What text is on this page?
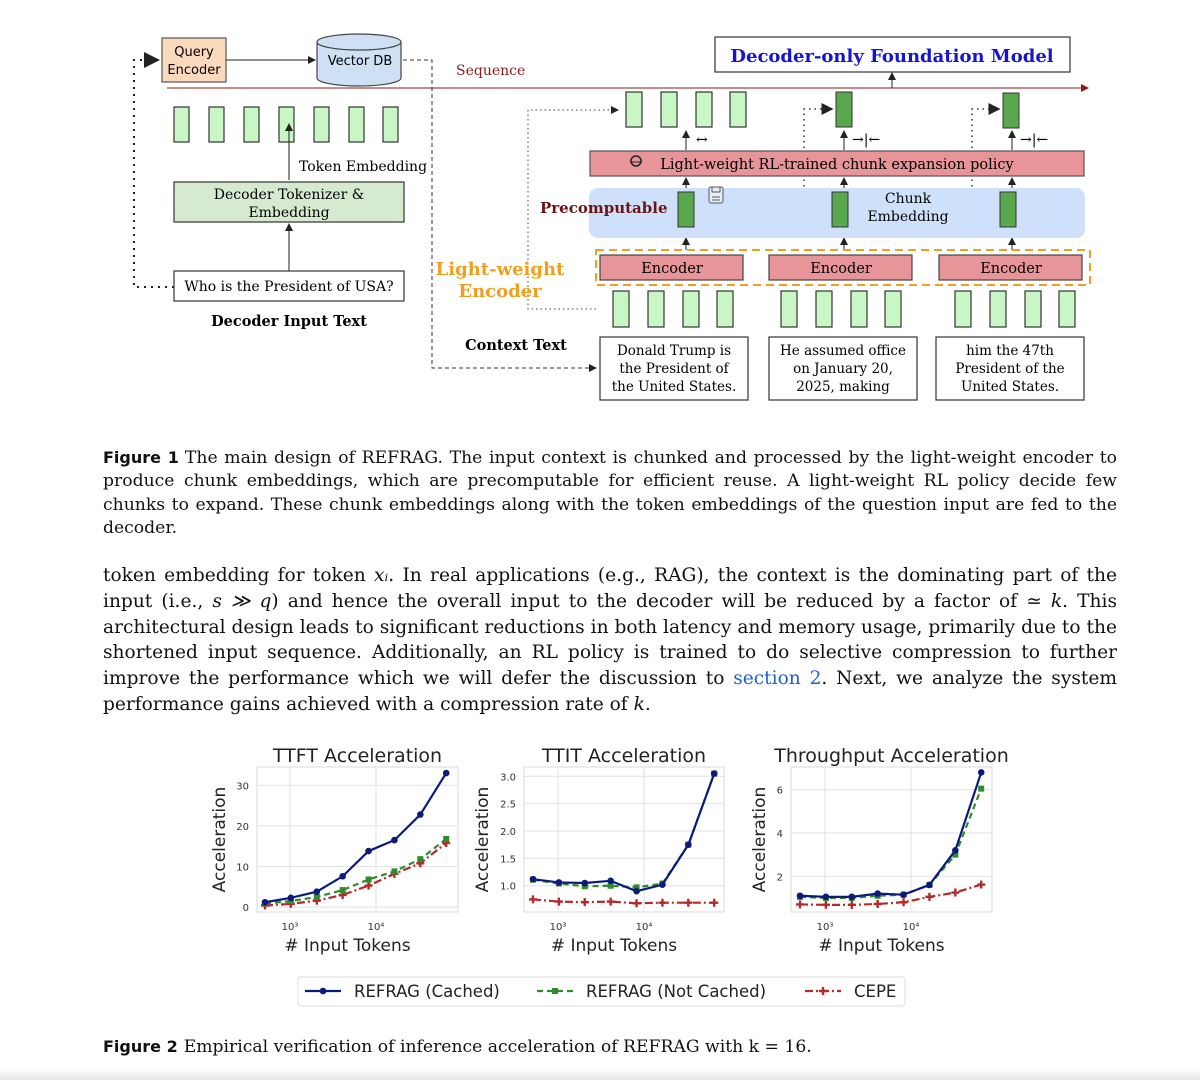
Query
Encoder
Vector DB
Sequence
Decoder-only Foundation Model
Token Embedding
Decoder Tokenizer &
Embedding
Who is the President of USA?
Decoder Input Text
↔	→|←	→|←
Precomputable
Light-weight RL-trained chunk expansion policy
Chunk
Embedding
Light-weight
Encoder
Encoder	Encoder	Encoder
Context Text	Donald Trump is
the President of
the United States.
He assumed office
on January 20,
2025, making
him the 47th
President of the
United States.
Figure 1 The main design of REFRAG. The input context is chunked and processed by the light-weight encoder to produce chunk embeddings, which are precomputable for efficient reuse. A light-weight RL policy decide few chunks to expand. These chunk embeddings along with the token embeddings of the question input are fed to the decoder.
token embedding for token xᵢ. In real applications (e.g., RAG), the context is the dominating part of the input (i.e., s ≫ q) and hence the overall input to the decoder will be reduced by a factor of ≃ k. This architectural design leads to significant reductions in both latency and memory usage, primarily due to the shortened input sequence. Additionally, an RL policy is trained to do selective compression to further improve the performance which we will defer the discussion to section 2. Next, we analyze the system performance gains achieved with a compression rate of k.
10³	10⁴
0
10
20
30
TTFT Acceleration
# Input Tokens
Acceleration
10³	10⁴
1.0
1.5
2.0
2.5
3.0
TTIT Acceleration
# Input Tokens
Acceleration
10³	10⁴
2
4
6
Throughput Acceleration
# Input Tokens
Acceleration
REFRAG (Cached)	REFRAG (Not Cached)	CEPE
Figure 2 Empirical verification of inference acceleration of REFRAG with k = 16.
